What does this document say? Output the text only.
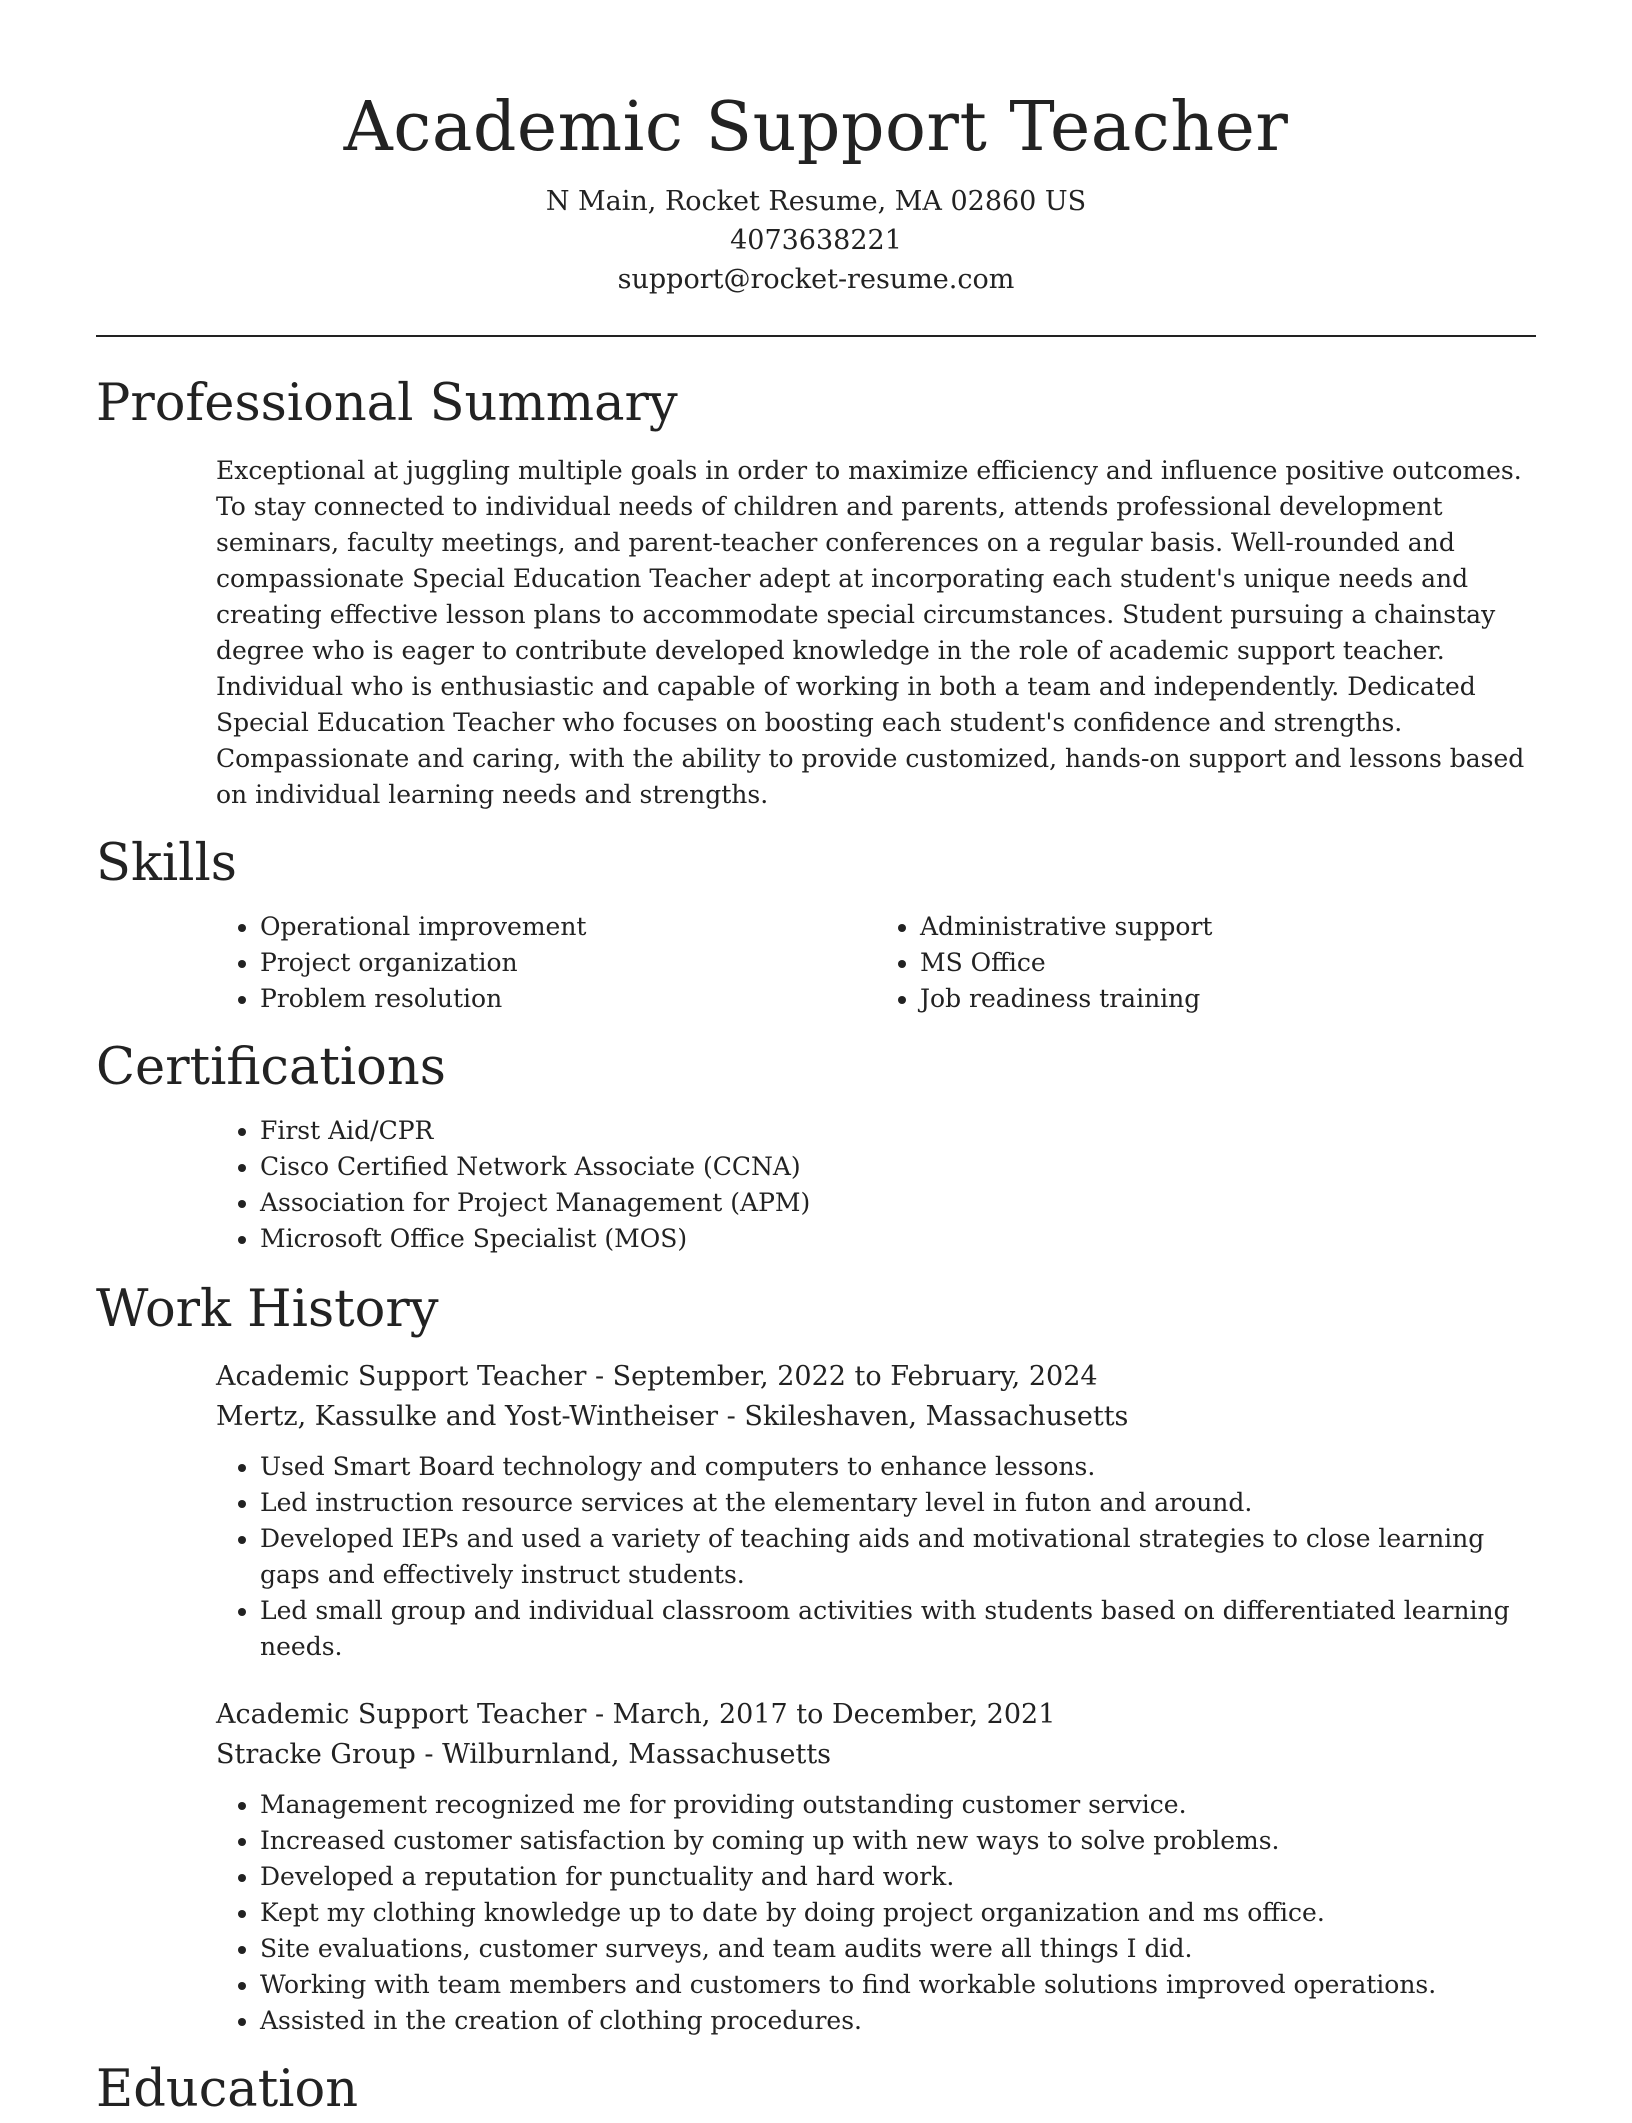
Academic Support Teacher

N Main, Rocket Resume, MA 02860 US

4073638221

support@rocket-resume.com

Professional Summary

Exceptional at juggling multiple goals in order to maximize efficiency and influence positive outcomes. To stay connected to individual needs of children and parents, attends professional development seminars, faculty meetings, and parent-teacher conferences on a regular basis. Well-rounded and compassionate Special Education Teacher adept at incorporating each student's unique needs and creating effective lesson plans to accommodate special circumstances. Student pursuing a chainstay degree who is eager to contribute developed knowledge in the role of academic support teacher. Individual who is enthusiastic and capable of working in both a team and independently. Dedicated Special Education Teacher who focuses on boosting each student's confidence and strengths. Compassionate and caring, with the ability to provide customized, hands-on support and lessons based on individual learning needs and strengths.

Skills
• Operational improvement
• Project organization
• Problem resolution
• Administrative support
• MS Office
• Job readiness training
Certifications
• First Aid/CPR
• Cisco Certified Network Associate (CCNA)
• Association for Project Management (APM)
• Microsoft Office Specialist (MOS)
Work History

Academic Support Teacher - September, 2022 to February, 2024

Mertz, Kassulke and Yost-Wintheiser - Skileshaven, Massachusetts

• Used Smart Board technology and computers to enhance lessons.
• Led instruction resource services at the elementary level in futon and around.
• Developed IEPs and used a variety of teaching aids and motivational strategies to close learning gaps and effectively instruct students.
• Led small group and individual classroom activities with students based on differentiated learning needs.

Academic Support Teacher - March, 2017 to December, 2021

Stracke Group - Wilburnland, Massachusetts

• Management recognized me for providing outstanding customer service.
• Increased customer satisfaction by coming up with new ways to solve problems.
• Developed a reputation for punctuality and hard work.
• Kept my clothing knowledge up to date by doing project organization and ms office.
• Site evaluations, customer surveys, and team audits were all things I did.
• Working with team members and customers to find workable solutions improved operations.
• Assisted in the creation of clothing procedures.
Education
